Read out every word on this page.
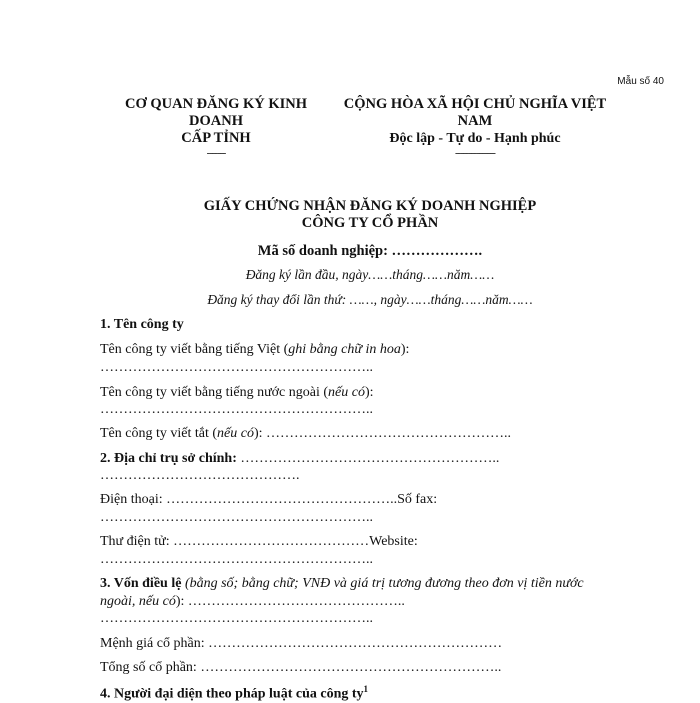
Mẫu số 40
CƠ QUAN ĐĂNG KÝ KINH
DOANH
CẤP TỈNH
-------
CỘNG HÒA XÃ HỘI CHỦ NGHĨA VIỆT
NAM
Độc lập - Tự do - Hạnh phúc
---------------
GIẤY CHỨNG NHẬN ĐĂNG KÝ DOANH NGHIỆP
CÔNG TY CỔ PHẦN
Mã số doanh nghiệp: ……………….
Đăng ký lần đầu, ngày……tháng……năm……
Đăng ký thay đổi lần thứ: ……, ngày……tháng……năm……
1. Tên công ty
Tên công ty viết bằng tiếng Việt (ghi bằng chữ in hoa):
…………………………………………………..
Tên công ty viết bằng tiếng nước ngoài (nếu có):
…………………………………………………..
Tên công ty viết tắt (nếu có): ……………………………………………..
2. Địa chỉ trụ sở chính: ………………………………………………..
…………………………………….
Điện thoại: …………………………………………..Số fax:
…………………………………………………..
Thư điện tử: ……………………………………Website:
…………………………………………………..
3. Vốn điều lệ (bằng số; bằng chữ; VNĐ và giá trị tương đương theo đơn vị tiền nước
ngoài, nếu có): ………………………………………..
…………………………………………………..
Mệnh giá cổ phần: ………………………………………………………
Tổng số cổ phần: ………………………………………………………..
4. Người đại diện theo pháp luật của công $ty^1$
